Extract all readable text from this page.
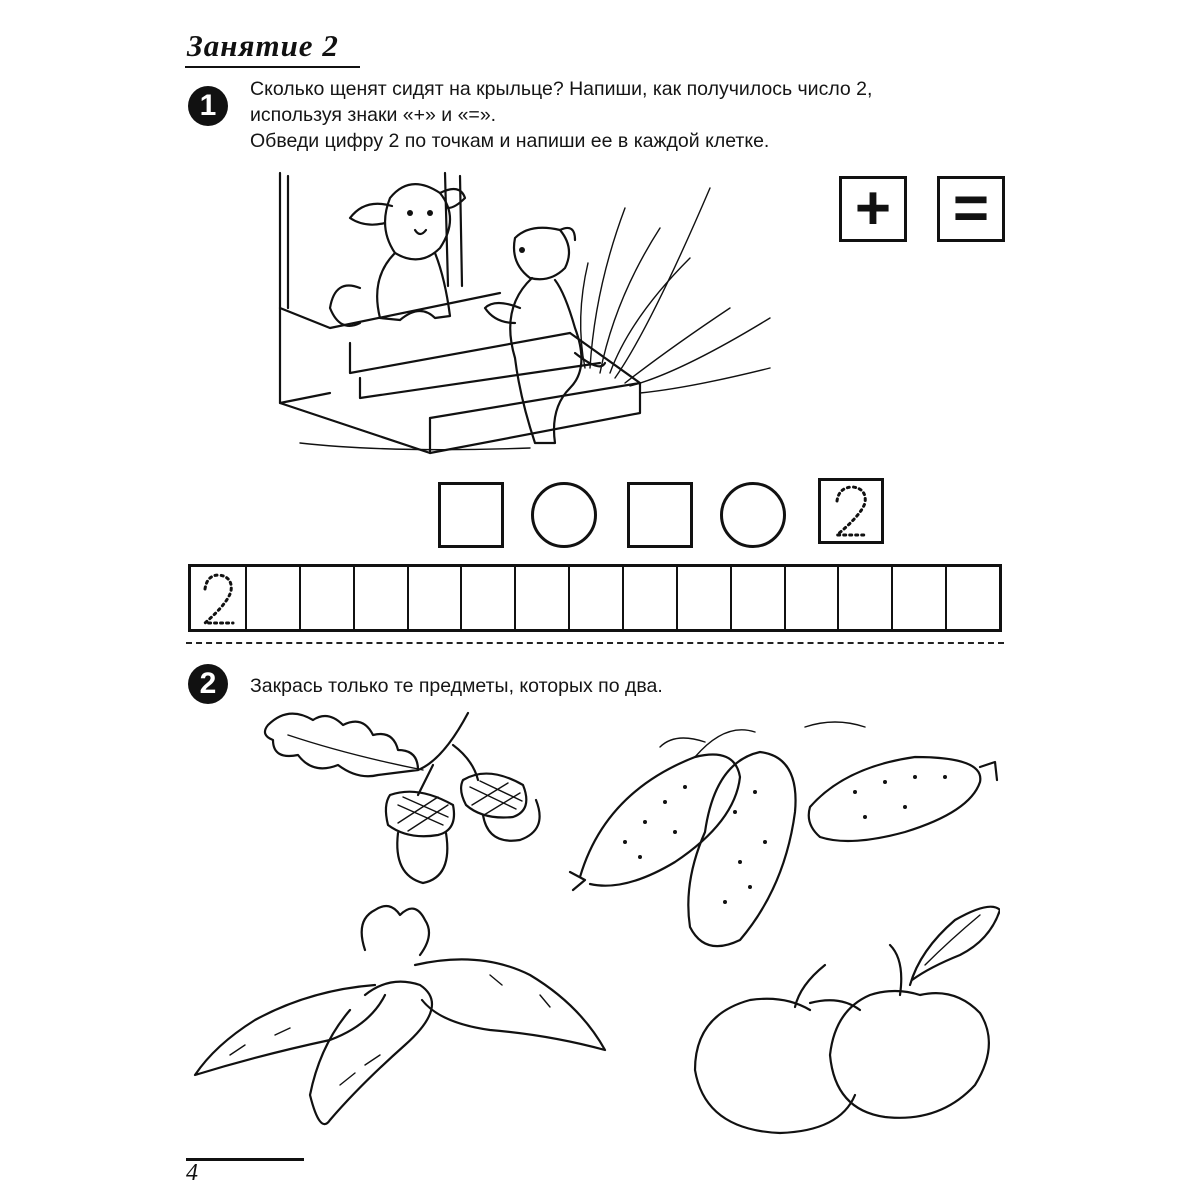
Занятие 2
1	Сколько щенят сидят на крыльце? Напиши, как получилось число 2,
используя знаки «+» и «=».
Обведи цифру 2 по точкам и напиши ее в каждой клетке.
+ =
2	Закрась только те предметы, которых по два.
4
